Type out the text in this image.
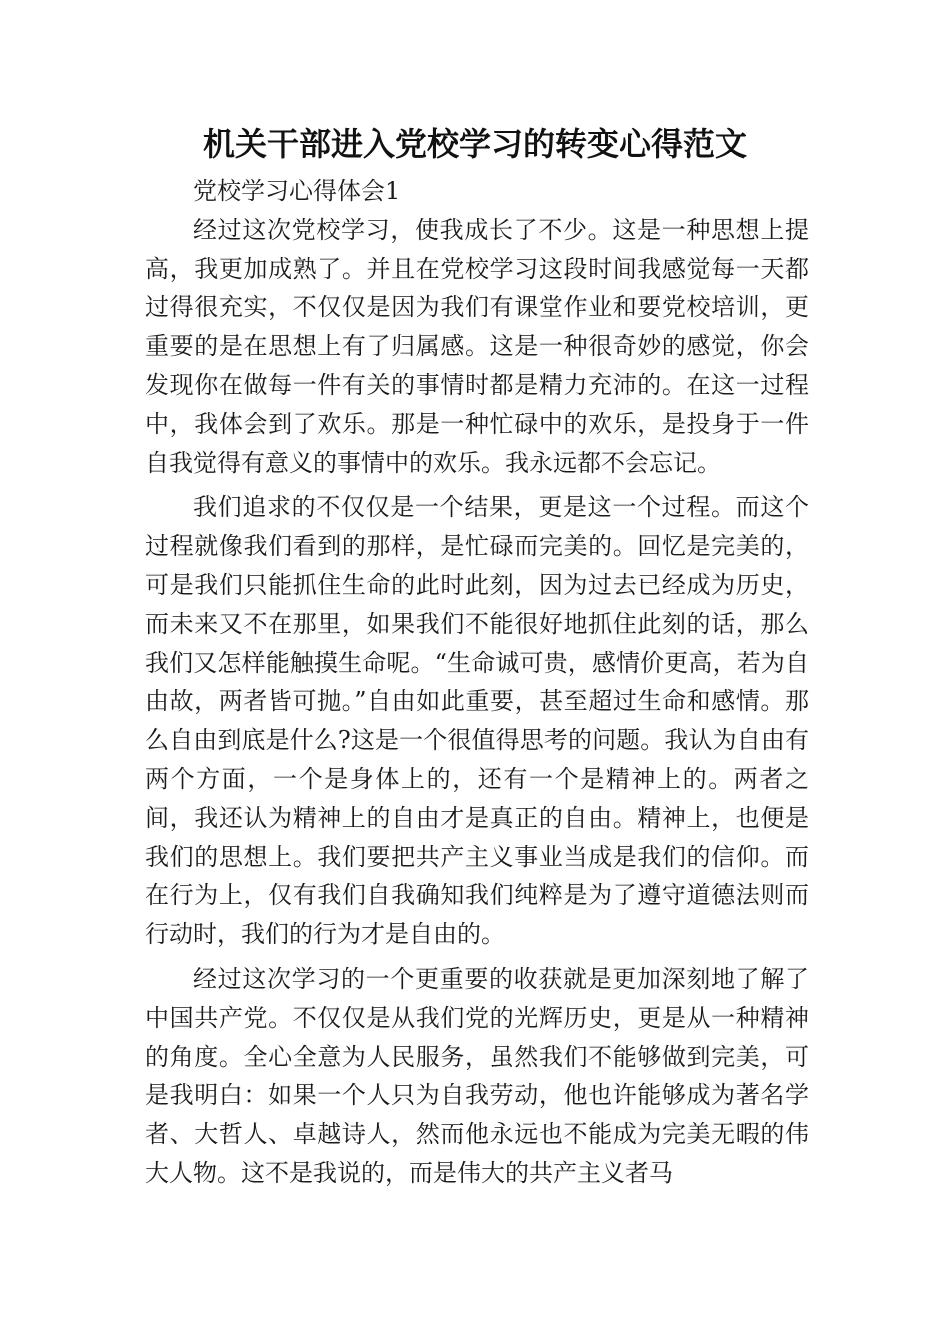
机关干部进入党校学习的转变心得范文

党校学习心得体会1

经过这次党校学习，使我成长了不少。这是一种思想上提高，我更加成熟了。并且在党校学习这段时间我感觉每一天都过得很充实，不仅仅是因为我们有课堂作业和要党校培训，更重要的是在思想上有了归属感。这是一种很奇妙的感觉，你会发现你在做每一件有关的事情时都是精力充沛的。在这一过程中，我体会到了欢乐。那是一种忙碌中的欢乐，是投身于一件自我觉得有意义的事情中的欢乐。我永远都不会忘记。

我们追求的不仅仅是一个结果，更是这一个过程。而这个过程就像我们看到的那样，是忙碌而完美的。回忆是完美的，可是我们只能抓住生命的此时此刻，因为过去已经成为历史，而未来又不在那里，如果我们不能很好地抓住此刻的话，那么我们又怎样能触摸生命呢。“生命诚可贵，感情价更高，若为自由故，两者皆可抛。”自由如此重要，甚至超过生命和感情。那么自由到底是什么?这是一个很值得思考的问题。我认为自由有两个方面，一个是身体上的，还有一个是精神上的。两者之间，我还认为精神上的自由才是真正的自由。精神上，也便是我们的思想上。我们要把共产主义事业当成是我们的信仰。而在行为上，仅有我们自我确知我们纯粹是为了遵守道德法则而行动时，我们的行为才是自由的。

经过这次学习的一个更重要的收获就是更加深刻地了解了中国共产党。不仅仅是从我们党的光辉历史，更是从一种精神的角度。全心全意为人民服务，虽然我们不能够做到完美，可是我明白：如果一个人只为自我劳动，他也许能够成为著名学者、大哲人、卓越诗人，然而他永远也不能成为完美无暇的伟大人物。这不是我说的，而是伟大的共产主义者马
